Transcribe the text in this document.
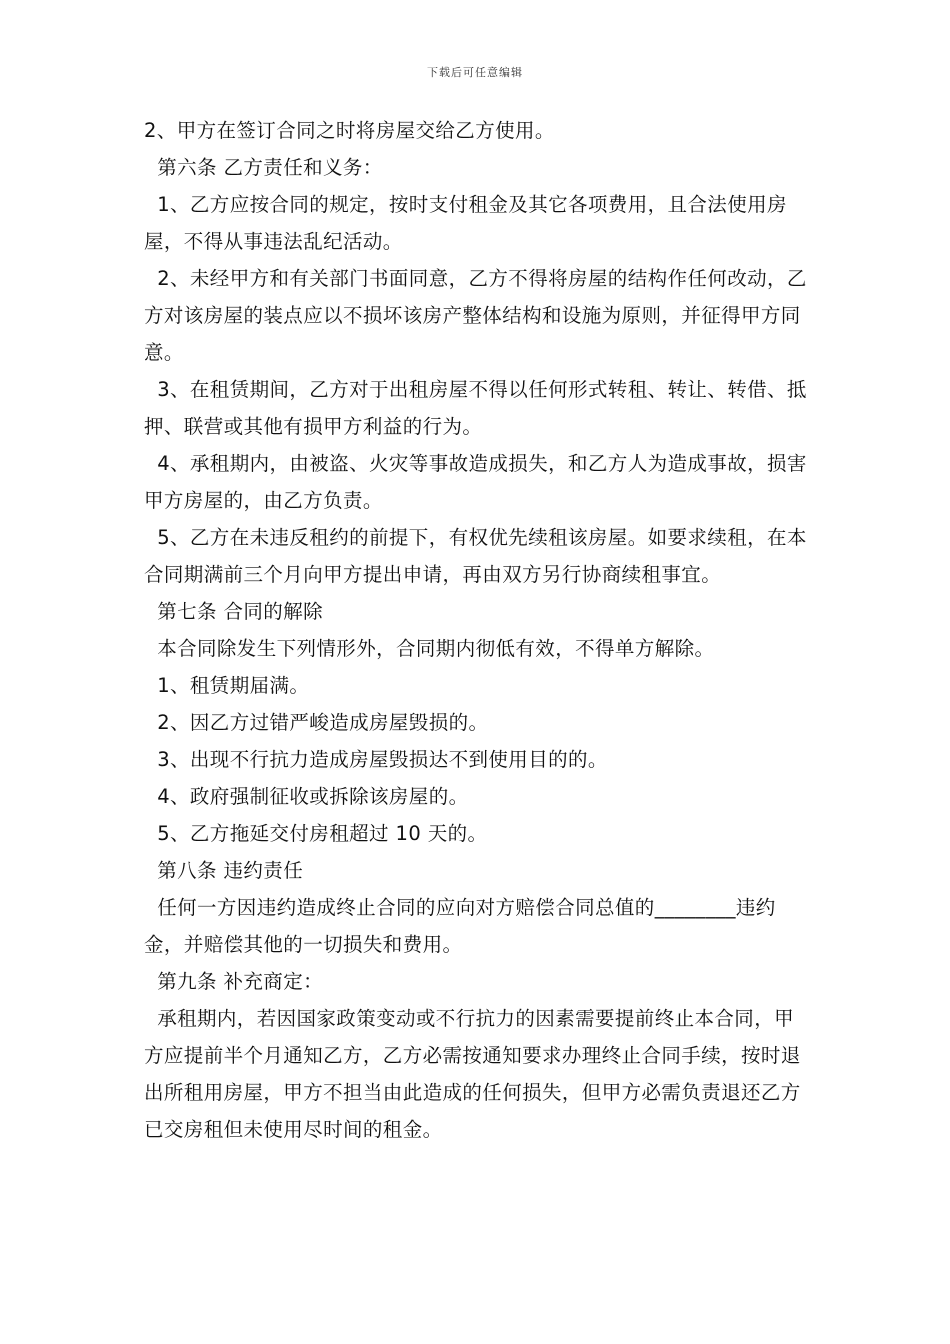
下载后可任意编辑

2、甲方在签订合同之时将房屋交给乙方使用。

第六条 乙方责任和义务：

1、乙方应按合同的规定，按时支付租金及其它各项费用，且合法使用房屋，不得从事违法乱纪活动。

2、未经甲方和有关部门书面同意，乙方不得将房屋的结构作任何改动，乙方对该房屋的装点应以不损坏该房产整体结构和设施为原则，并征得甲方同意。

3、在租赁期间，乙方对于出租房屋不得以任何形式转租、转让、转借、抵押、联营或其他有损甲方利益的行为。

4、承租期内，由被盗、火灾等事故造成损失，和乙方人为造成事故，损害甲方房屋的，由乙方负责。

5、乙方在未违反租约的前提下，有权优先续租该房屋。如要求续租，在本合同期满前三个月向甲方提出申请，再由双方另行协商续租事宜。

第七条 合同的解除

本合同除发生下列情形外，合同期内彻低有效，不得单方解除。

1、租赁期届满。

2、因乙方过错严峻造成房屋毁损的。

3、出现不行抗力造成房屋毁损达不到使用目的的。

4、政府强制征收或拆除该房屋的。

5、乙方拖延交付房租超过 10 天的。

第八条 违约责任

任何一方因违约造成终止合同的应向对方赔偿合同总值的________违约金，并赔偿其他的一切损失和费用。

第九条 补充商定：

承租期内，若因国家政策变动或不行抗力的因素需要提前终止本合同，甲方应提前半个月通知乙方，乙方必需按通知要求办理终止合同手续，按时退出所租用房屋，甲方不担当由此造成的任何损失，但甲方必需负责退还乙方已交房租但未使用尽时间的租金。
